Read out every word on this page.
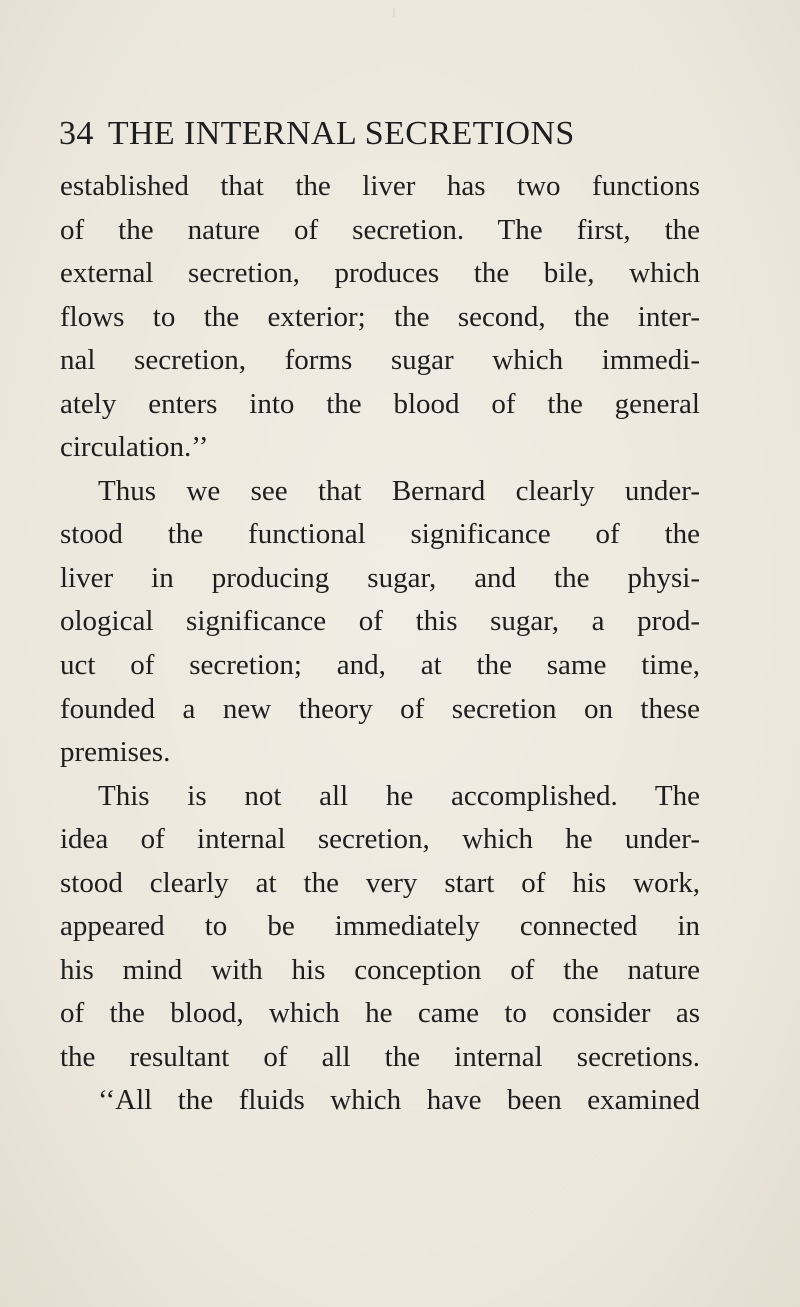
34 THE INTERNAL SECRETIONS
established that the liver has two functions
of the nature of secretion. The first, the
external secretion, produces the bile, which
flows to the exterior; the second, the inter-
nal secretion, forms sugar which immedi-
ately enters into the blood of the general
circulation.’’
Thus we see that Bernard clearly under-
stood the functional significance of the
liver in producing sugar, and the physi-
ological significance of this sugar, a prod-
uct of secretion; and, at the same time,
founded a new theory of secretion on these
premises.
This is not all he accomplished. The
idea of internal secretion, which he under-
stood clearly at the very start of his work,
appeared to be immediately connected in
his mind with his conception of the nature
of the blood, which he came to consider as
the resultant of all the internal secretions.
‘‘All the fluids which have been examined
